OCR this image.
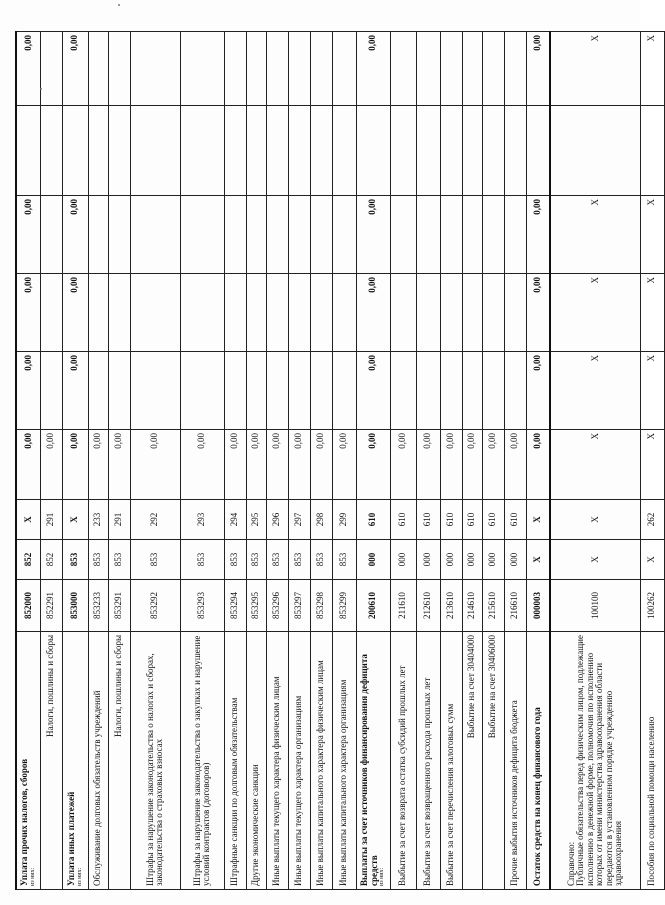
Уплата прочих налогов, сборов из них:	852000	852	X	0,00	0,00	0,00	0,00		0,00
Налоги, пошлины и сборы	852291	852	291	0,00					
Уплата иных платежей из них:	853000	853	X	0,00	0,00	0,00	0,00		0,00
Обслуживание долговых обязательств учреждений	853233	853	233	0,00					
Налоги, пошлины и сборы	853291	853	291	0,00					
Штрафы за нарушение законодательства о налогах и сборах, законодательства о страховых взносах	853292	853	292	0,00					
Штрафы за нарушение законодательства о закупках и нарушение условий контрактов (договоров)	853293	853	293	0,00					
Штрафные санкции по долговым обязательствам	853294	853	294	0,00					
Другие экономические санкции	853295	853	295	0,00					
Иные выплаты текущего характера физическим лицам	853296	853	296	0,00					
Иные выплаты текущего характера организациям	853297	853	297	0,00					
Иные выплаты капитального характера физическим лицам	853298	853	298	0,00					
Иные выплаты капитального характера организациям	853299	853	299	0,00					
Выплаты за счет источников финансирования дефицита средств из них:	200610	000	610	0,00	0,00	0,00	0,00		0,00
Выбытие за счет возврата остатка субсидий прошлых лет	211610	000	610	0,00					
Выбытие за счет возвращенного расхода прошлых лет	212610	000	610	0,00					
Выбытие за счет перечисления залоговых сумм	213610	000	610	0,00					
Выбытие на счет 30404000	214610	000	610	0,00					
Выбытие на счет 30406000	215610	000	610	0,00					
Прочие выбытия источников дефицита бюджета	216610	000	610	0,00					
Остаток средств на конец финансового года	000003	X	X	0,00	0,00	0,00	0,00		0,00
Справочно:
Публичные обязательства перед физическим лицом, подлежащие исполнению в денежной форме, полномочия по исполнению которых от имени министерства здравоохранения области передаются в установленном порядке учреждению здравоохранения	100100	X	X	X	X	X	X		X
Пособия по социальной помощи населению	100262	X	262	X	X	X	X		X
